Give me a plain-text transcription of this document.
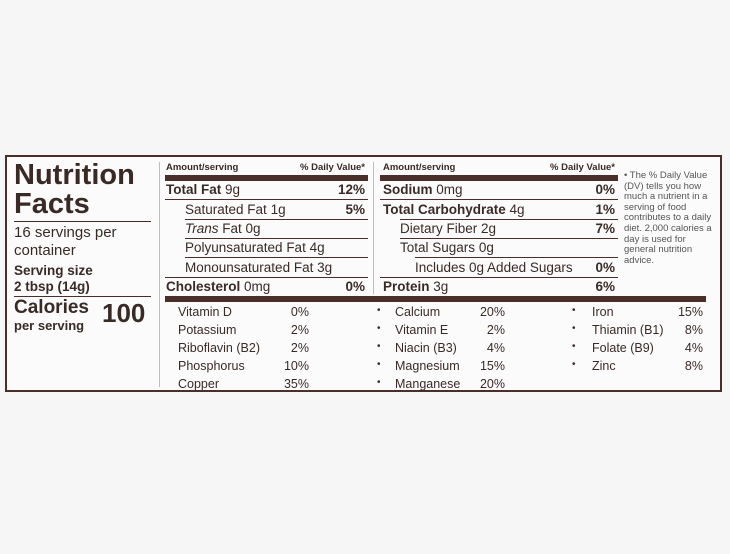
Nutrition
Facts
16 servings per
container
Serving size
2 tbsp (14g)
Calories
per serving 100
Amount/serving	% Daily Value*
Total Fat 9g	12%
Saturated Fat 1g	5%
Trans Fat 0g
Polyunsaturated Fat 4g
Monounsaturated Fat 3g
Cholesterol 0mg	0%
Amount/serving	% Daily Value*
Sodium 0mg	0%
Total Carbohydrate 4g	1%
Dietary Fiber 2g	7%
Total Sugars 0g
Includes 0g Added Sugars	0%
Protein 3g	6%
• The % Daily Value (DV) tells you how much a nutrient in a serving of food contributes to a daily diet. 2,000 calories a day is used for general nutrition advice.
Vitamin D	0%
Potassium	2%
Riboflavin (B2)	2%
Phosphorus	10%
Copper	35%
• Calcium	20%
• Vitamin E	2%
• Niacin (B3)	4%
• Magnesium	15%
• Manganese	20%
• Iron	15%
• Thiamin (B1)	8%
• Folate (B9)	4%
• Zinc	8%
